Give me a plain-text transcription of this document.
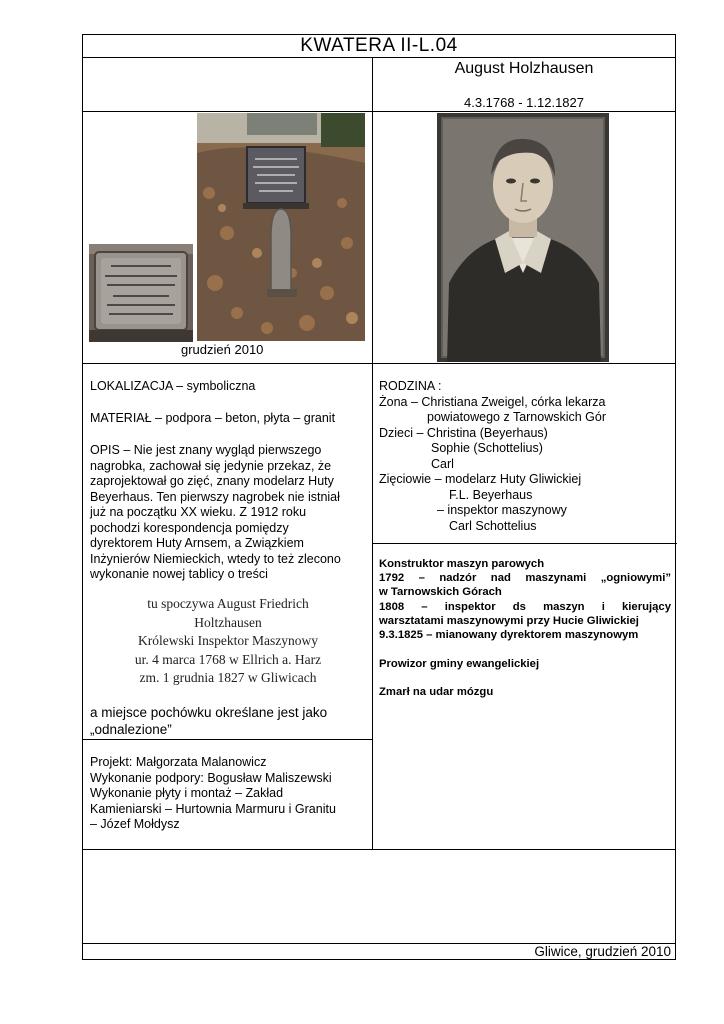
KWATERA II-L.04
August Holzhausen
4.3.1768 - 1.12.1827
grudzień 2010
LOKALIZACJA – symboliczna
MATERIAŁ – podpora – beton, płyta – granit
OPIS – Nie jest znany wygląd pierwszego
nagrobka, zachował się jedynie przekaz, że
zaprojektował go zięć, znany modelarz Huty
Beyerhaus. Ten pierwszy nagrobek nie istniał
już na początku XX wieku. Z 1912 roku
pochodzi korespondencja pomiędzy
dyrektorem Huty Arnsem, a Związkiem
Inżynierów Niemieckich, wtedy to też zlecono
wykonanie nowej tablicy o treści
tu spoczywa August Friedrich
Holtzhausen
Królewski Inspektor Maszynowy
ur. 4 marca 1768 w Ellrich a. Harz
zm. 1 grudnia 1827 w Gliwicach
a miejsce pochówku określane jest jako
„odnalezione”
Projekt: Małgorzata Malanowicz
Wykonanie podpory: Bogusław Maliszewski
Wykonanie płyty i montaż – Zakład
Kamieniarski – Hurtownia Marmuru i Granitu
– Józef Mołdysz
RODZINA :
Żona – Christiana Zweigel, córka lekarza
powiatowego z Tarnowskich Gór
Dzieci – Christina (Beyerhaus)
Sophie (Schottelius)
Carl
Zięciowie – modelarz Huty Gliwickiej
F.L. Beyerhaus
– inspektor maszynowy
Carl Schottelius
Konstruktor maszyn parowych
1792 – nadzór nad maszynami „ogniowymi”
w Tarnowskich Górach
1808 – inspektor ds maszyn i kierujący
warsztatami maszynowymi przy Hucie Gliwickiej
9.3.1825 – mianowany dyrektorem maszynowym
Prowizor gminy ewangelickiej
Zmarł na udar mózgu
Gliwice, grudzień 2010
